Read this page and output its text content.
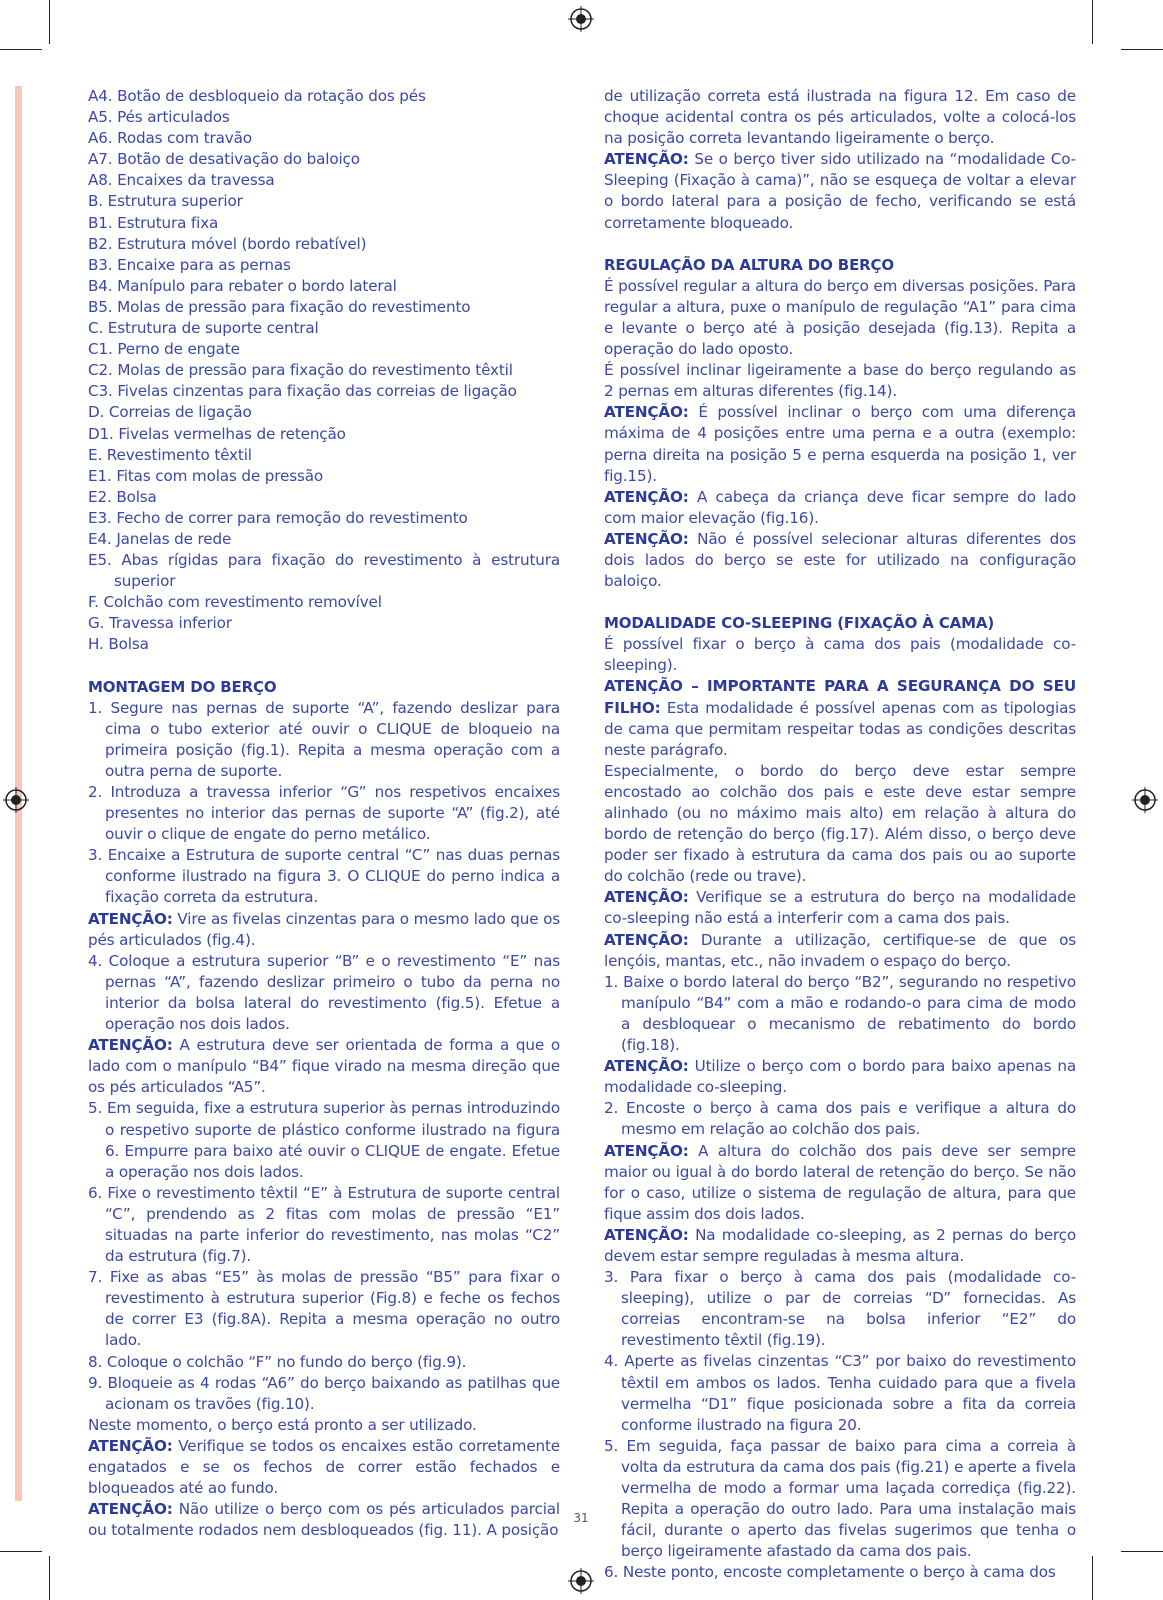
A4. Botão de desbloqueio da rotação dos pés
A5. Pés articulados
A6. Rodas com travão
A7. Botão de desativação do baloiço
A8. Encaixes da travessa
B. Estrutura superior
B1. Estrutura fixa
B2. Estrutura móvel (bordo rebatível)
B3. Encaixe para as pernas
B4. Manípulo para rebater o bordo lateral
B5. Molas de pressão para fixação do revestimento
C. Estrutura de suporte central
C1. Perno de engate
C2. Molas de pressão para fixação do revestimento têxtil
C3. Fivelas cinzentas para fixação das correias de ligação
D. Correias de ligação
D1. Fivelas vermelhas de retenção
E. Revestimento têxtil
E1. Fitas com molas de pressão
E2. Bolsa
E3. Fecho de correr para remoção do revestimento
E4. Janelas de rede
E5. Abas rígidas para fixação do revestimento à estrutura superior
F. Colchão com revestimento removível
G. Travessa inferior
H. Bolsa
MONTAGEM DO BERÇO
1. Segure nas pernas de suporte “A”, fazendo deslizar para cima o tubo exterior até ouvir o CLIQUE de bloqueio na primeira posição (fig.1). Repita a mesma operação com a outra perna de suporte.
2. Introduza a travessa inferior “G” nos respetivos encaixes presentes no interior das pernas de suporte “A” (fig.2), até ouvir o clique de engate do perno metálico.
3. Encaixe a Estrutura de suporte central “C” nas duas pernas conforme ilustrado na figura 3. O CLIQUE do perno indica a fixação correta da estrutura.
ATENÇÃO: Vire as fivelas cinzentas para o mesmo lado que os pés articulados (fig.4).
4. Coloque a estrutura superior “B” e o revestimento “E” nas pernas “A”, fazendo deslizar primeiro o tubo da perna no interior da bolsa lateral do revestimento (fig.5). Efetue a operação nos dois lados.
ATENÇÃO: A estrutura deve ser orientada de forma a que o lado com o manípulo “B4” fique virado na mesma direção que os pés articulados “A5”.
5. Em seguida, fixe a estrutura superior às pernas introduzindo o respetivo suporte de plástico conforme ilustrado na figura 6. Empurre para baixo até ouvir o CLIQUE de engate. Efetue a operação nos dois lados.
6. Fixe o revestimento têxtil “E” à Estrutura de suporte central “C”, prendendo as 2 fitas com molas de pressão “E1” situadas na parte inferior do revestimento, nas molas “C2” da estrutura (fig.7).
7. Fixe as abas “E5” às molas de pressão “B5” para fixar o revestimento à estrutura superior (Fig.8) e feche os fechos de correr E3 (fig.8A). Repita a mesma operação no outro lado.
8. Coloque o colchão “F” no fundo do berço (fig.9).
9. Bloqueie as 4 rodas “A6” do berço baixando as patilhas que acionam os travões (fig.10).
Neste momento, o berço está pronto a ser utilizado.
ATENÇÃO: Verifique se todos os encaixes estão corretamente engatados e se os fechos de correr estão fechados e bloqueados até ao fundo.
ATENÇÃO: Não utilize o berço com os pés articulados parcial ou totalmente rodados nem desbloqueados (fig. 11). A posição
de utilização correta está ilustrada na figura 12. Em caso de choque acidental contra os pés articulados, volte a colocá-los na posição correta levantando ligeiramente o berço.
ATENÇÃO: Se o berço tiver sido utilizado na “modalidade Co-Sleeping (Fixação à cama)”, não se esqueça de voltar a elevar o bordo lateral para a posição de fecho, verificando se está corretamente bloqueado.
REGULAÇÃO DA ALTURA DO BERÇO
É possível regular a altura do berço em diversas posições. Para regular a altura, puxe o manípulo de regulação “A1” para cima e levante o berço até à posição desejada (fig.13). Repita a operação do lado oposto.
É possível inclinar ligeiramente a base do berço regulando as 2 pernas em alturas diferentes (fig.14).
ATENÇÃO: É possível inclinar o berço com uma diferença máxima de 4 posições entre uma perna e a outra (exemplo: perna direita na posição 5 e perna esquerda na posição 1, ver fig.15).
ATENÇÃO: A cabeça da criança deve ficar sempre do lado com maior elevação (fig.16).
ATENÇÃO: Não é possível selecionar alturas diferentes dos dois lados do berço se este for utilizado na configuração baloiço.
MODALIDADE CO-SLEEPING (FIXAÇÃO À CAMA)
É possível fixar o berço à cama dos pais (modalidade co-sleeping).
ATENÇÃO – IMPORTANTE PARA A SEGURANÇA DO SEU FILHO: Esta modalidade é possível apenas com as tipologias de cama que permitam respeitar todas as condições descritas neste parágrafo.
Especialmente, o bordo do berço deve estar sempre encostado ao colchão dos pais e este deve estar sempre alinhado (ou no máximo mais alto) em relação à altura do bordo de retenção do berço (fig.17). Além disso, o berço deve poder ser fixado à estrutura da cama dos pais ou ao suporte do colchão (rede ou trave).
ATENÇÃO: Verifique se a estrutura do berço na modalidade co-sleeping não está a interferir com a cama dos pais.
ATENÇÃO: Durante a utilização, certifique-se de que os lençóis, mantas, etc., não invadem o espaço do berço.
1. Baixe o bordo lateral do berço “B2”, segurando no respetivo manípulo “B4” com a mão e rodando-o para cima de modo a desbloquear o mecanismo de rebatimento do bordo (fig.18).
ATENÇÃO: Utilize o berço com o bordo para baixo apenas na modalidade co-sleeping.
2. Encoste o berço à cama dos pais e verifique a altura do mesmo em relação ao colchão dos pais.
ATENÇÃO: A altura do colchão dos pais deve ser sempre maior ou igual à do bordo lateral de retenção do berço. Se não for o caso, utilize o sistema de regulação de altura, para que fique assim dos dois lados.
ATENÇÃO: Na modalidade co-sleeping, as 2 pernas do berço devem estar sempre reguladas à mesma altura.
3. Para fixar o berço à cama dos pais (modalidade co-sleeping), utilize o par de correias “D” fornecidas. As correias encontram-se na bolsa inferior “E2” do revestimento têxtil (fig.19).
4. Aperte as fivelas cinzentas “C3” por baixo do revestimento têxtil em ambos os lados. Tenha cuidado para que a fivela vermelha “D1” fique posicionada sobre a fita da correia conforme ilustrado na figura 20.
5. Em seguida, faça passar de baixo para cima a correia à volta da estrutura da cama dos pais (fig.21) e aperte a fivela vermelha de modo a formar uma laçada corrediça (fig.22). Repita a operação do outro lado. Para uma instalação mais fácil, durante o aperto das fivelas sugerimos que tenha o berço ligeiramente afastado da cama dos pais.
6. Neste ponto, encoste completamente o berço à cama dos
31
